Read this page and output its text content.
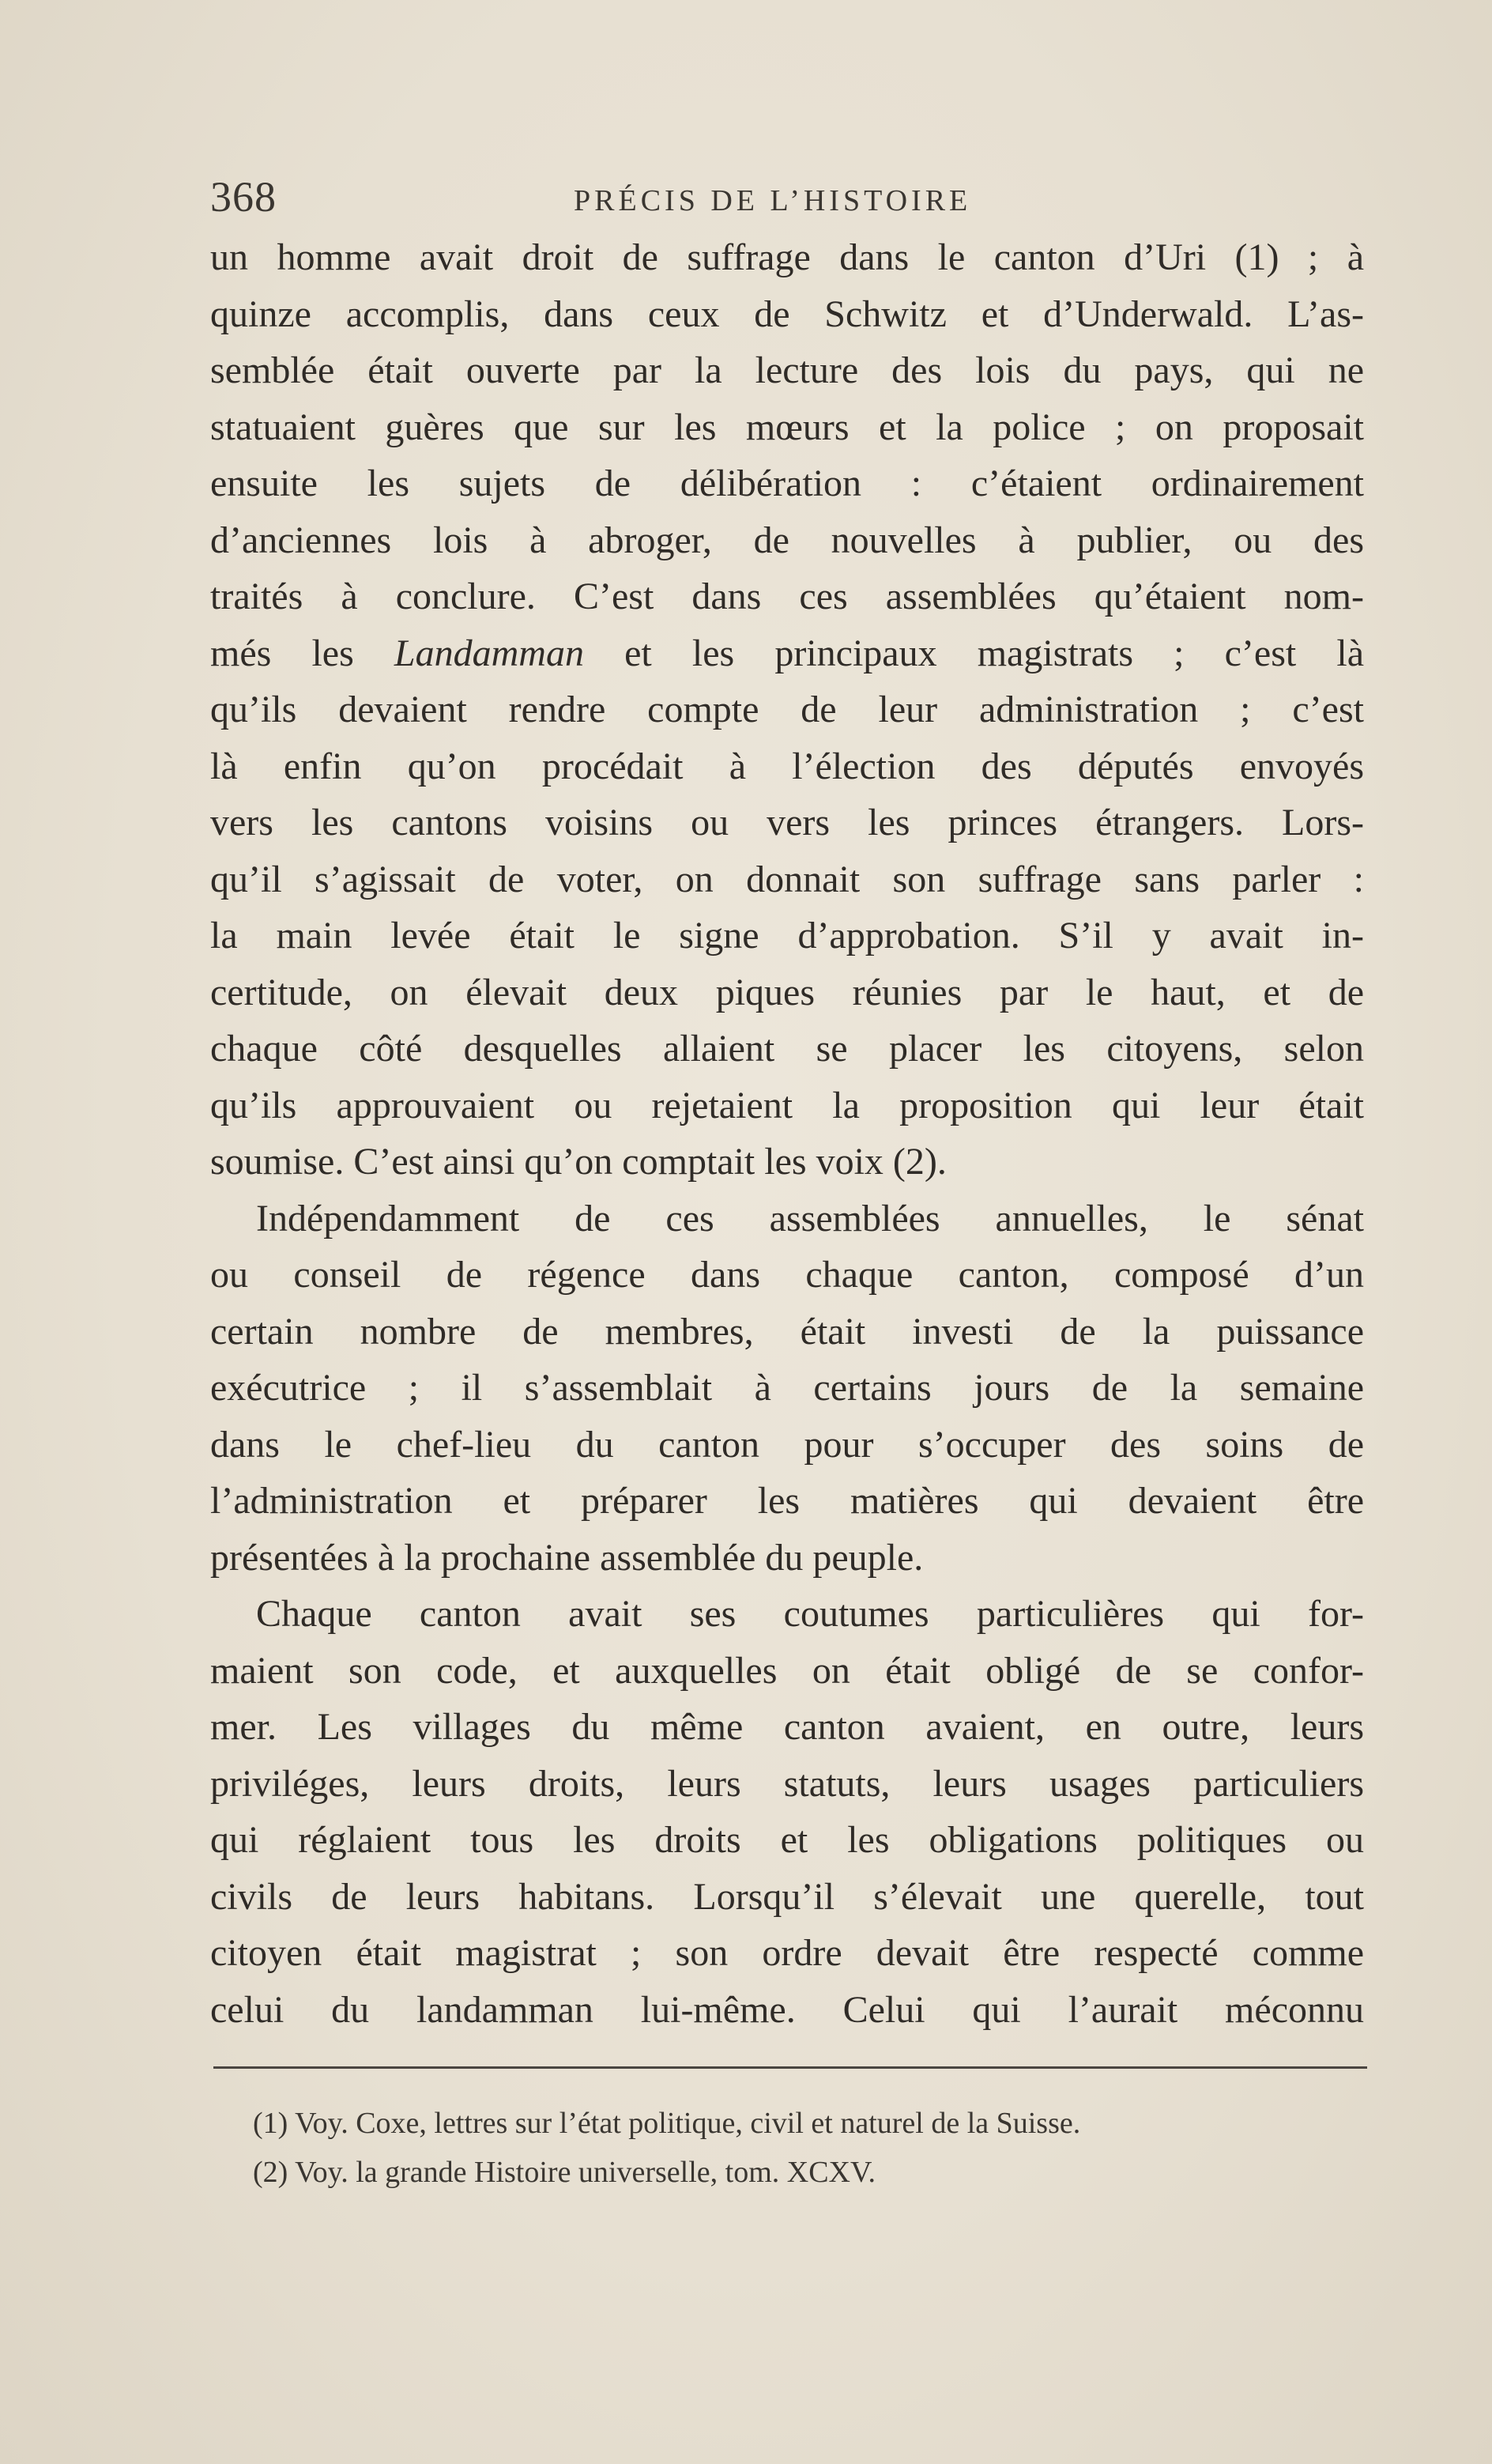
368	PRÉCIS DE L’HISTOIRE
un homme avait droit de suffrage dans le canton d’Uri (1) ; à
quinze accomplis, dans ceux de Schwitz et d’Underwald. L’as-
semblée était ouverte par la lecture des lois du pays, qui ne
statuaient guères que sur les mœurs et la police ; on proposait
ensuite les sujets de délibération : c’étaient ordinairement
d’anciennes lois à abroger, de nouvelles à publier, ou des
traités à conclure. C’est dans ces assemblées qu’étaient nom-
més les Landamman et les principaux magistrats ; c’est là
qu’ils devaient rendre compte de leur administration ; c’est
là enfin qu’on procédait à l’élection des députés envoyés
vers les cantons voisins ou vers les princes étrangers. Lors-
qu’il s’agissait de voter, on donnait son suffrage sans parler :
la main levée était le signe d’approbation. S’il y avait in-
certitude, on élevait deux piques réunies par le haut, et de
chaque côté desquelles allaient se placer les citoyens, selon
qu’ils approuvaient ou rejetaient la proposition qui leur était
soumise. C’est ainsi qu’on comptait les voix (2).
Indépendamment de ces assemblées annuelles, le sénat
ou conseil de régence dans chaque canton, composé d’un
certain nombre de membres, était investi de la puissance
exécutrice ; il s’assemblait à certains jours de la semaine
dans le chef-lieu du canton pour s’occuper des soins de
l’administration et préparer les matières qui devaient être
présentées à la prochaine assemblée du peuple.
Chaque canton avait ses coutumes particulières qui for-
maient son code, et auxquelles on était obligé de se confor-
mer. Les villages du même canton avaient, en outre, leurs
priviléges, leurs droits, leurs statuts, leurs usages particuliers
qui réglaient tous les droits et les obligations politiques ou
civils de leurs habitans. Lorsqu’il s’élevait une querelle, tout
citoyen était magistrat ; son ordre devait être respecté comme
celui du landamman lui-même. Celui qui l’aurait méconnu
(1) Voy. Coxe, lettres sur l’état politique, civil et naturel de la Suisse.
(2) Voy. la grande Histoire universelle, tom. XCXV.
